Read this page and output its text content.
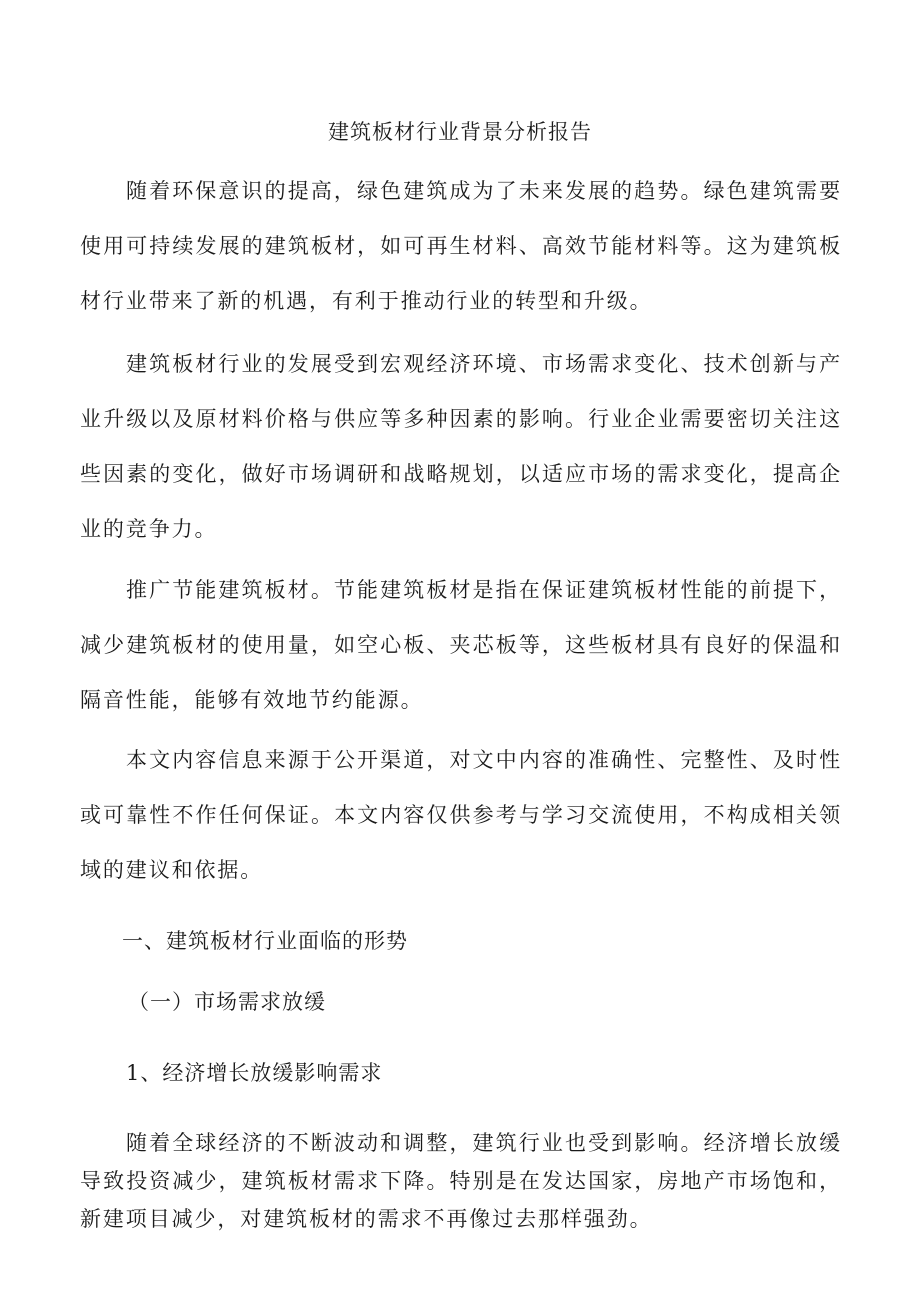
建筑板材行业背景分析报告

随着环保意识的提高，绿色建筑成为了未来发展的趋势。绿色建筑需要使用可持续发展的建筑板材，如可再生材料、高效节能材料等。这为建筑板材行业带来了新的机遇，有利于推动行业的转型和升级。

建筑板材行业的发展受到宏观经济环境、市场需求变化、技术创新与产业升级以及原材料价格与供应等多种因素的影响。行业企业需要密切关注这些因素的变化，做好市场调研和战略规划，以适应市场的需求变化，提高企业的竞争力。

推广节能建筑板材。节能建筑板材是指在保证建筑板材性能的前提下，减少建筑板材的使用量，如空心板、夹芯板等，这些板材具有良好的保温和隔音性能，能够有效地节约能源。

本文内容信息来源于公开渠道，对文中内容的准确性、完整性、及时性或可靠性不作任何保证。本文内容仅供参考与学习交流使用，不构成相关领域的建议和依据。

一、建筑板材行业面临的形势
（一）市场需求放缓
1、经济增长放缓影响需求

随着全球经济的不断波动和调整，建筑行业也受到影响。经济增长放缓导致投资减少，建筑板材需求下降。特别是在发达国家，房地产市场饱和，新建项目减少，对建筑板材的需求不再像过去那样强劲。
